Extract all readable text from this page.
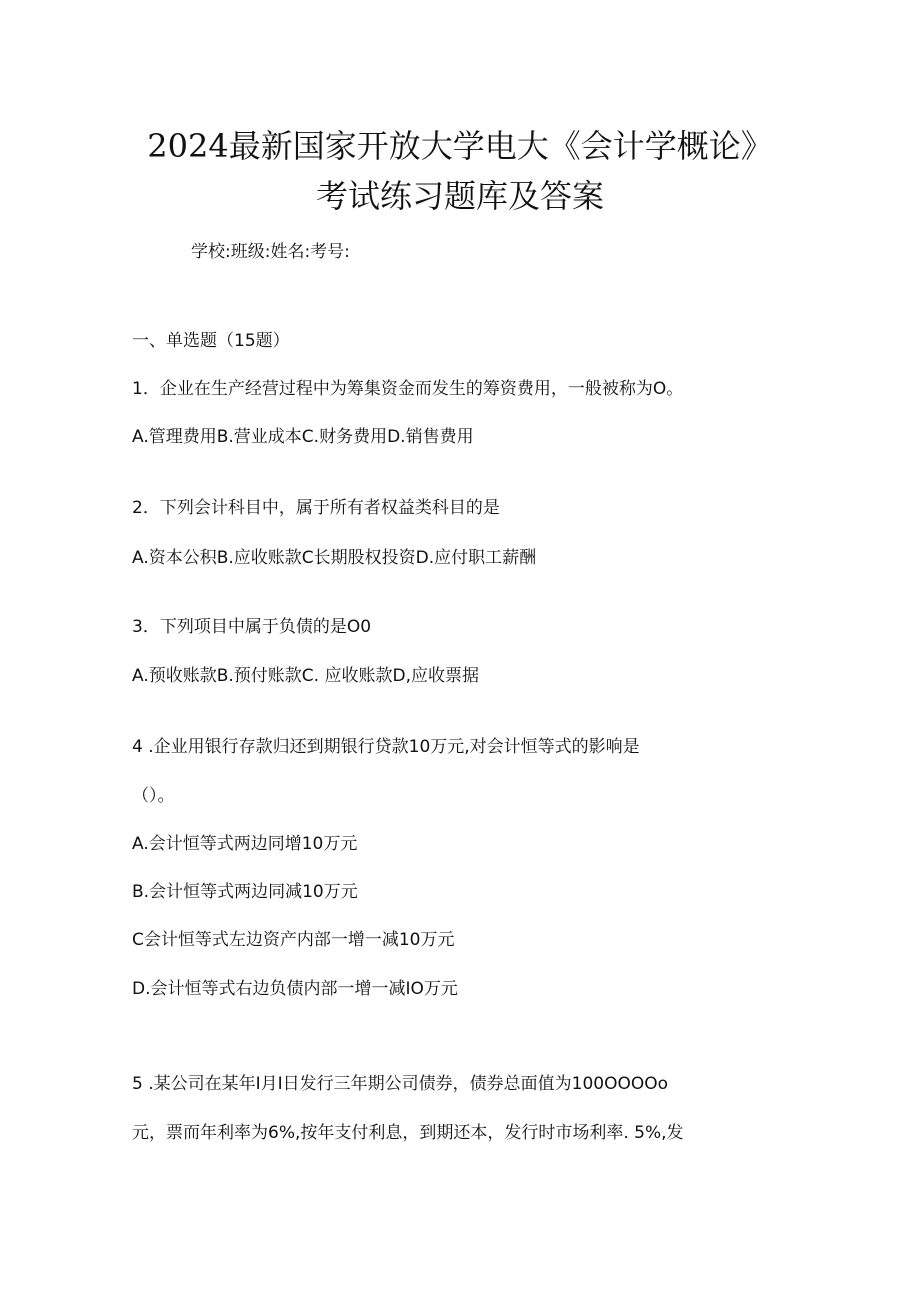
2024最新国家开放大学电大《会计学概论》
考试练习题库及答案
学校:班级:姓名:考号:
一、单选题（15题）
1．企业在生产经营过程中为筹集资金而发生的筹资费用，一般被称为O。
A.管理费用B.营业成本C.财务费用D.销售费用
2．下列会计科目中，属于所有者权益类科目的是
A.资本公积B.应收账款C长期股权投资D.应付职工薪酬
3．下列项目中属于负债的是O0
A.预收账款B.预付账款C. 应收账款D,应收票据
4 .企业用银行存款归还到期银行贷款10万元,对会计恒等式的影响是
（）。
A.会计恒等式两边同增10万元
B.会计恒等式两边同减10万元
C会计恒等式左边资产内部一增一减10万元
D.会计恒等式右边负债内部一增一减IO万元
5 .某公司在某年I月I日发行三年期公司债券，债券总面值为100OOOOo
元，票而年利率为6%,按年支付利息，到期还本，发行时市场利率. 5%,发
